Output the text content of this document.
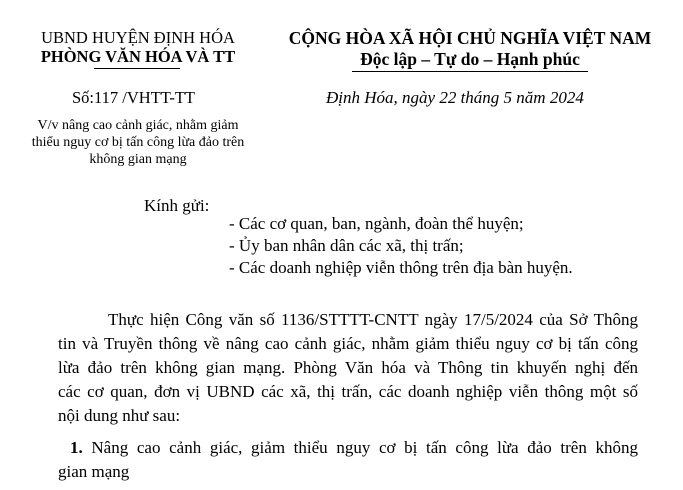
UBND HUYỆN ĐỊNH HÓA
PHÒNG VĂN HÓA VÀ TT
Số:117 /VHTT-TT
V/v nâng cao cảnh giác, nhằm giảm
thiểu nguy cơ bị tấn công lừa đảo trên
không gian mạng
CỘNG HÒA XÃ HỘI CHỦ NGHĨA VIỆT NAM
Độc lập – Tự do – Hạnh phúc
Định Hóa, ngày 22 tháng 5 năm 2024
Kính gửi:
- Các cơ quan, ban, ngành, đoàn thể huyện;
- Ủy ban nhân dân các xã, thị trấn;
- Các doanh nghiệp viễn thông trên địa bàn huyện.
Thực hiện Công văn số 1136/STTTT-CNTT ngày 17/5/2024 của Sở Thông
tin và Truyền thông về nâng cao cảnh giác, nhằm giảm thiểu nguy cơ bị tấn công
lừa đảo trên không gian mạng. Phòng Văn hóa và Thông tin khuyến nghị đến
các cơ quan, đơn vị UBND các xã, thị trấn, các doanh nghiệp viễn thông một số
nội dung như sau:
1. Nâng cao cảnh giác, giảm thiểu nguy cơ bị tấn công lừa đảo trên không
gian mạng
